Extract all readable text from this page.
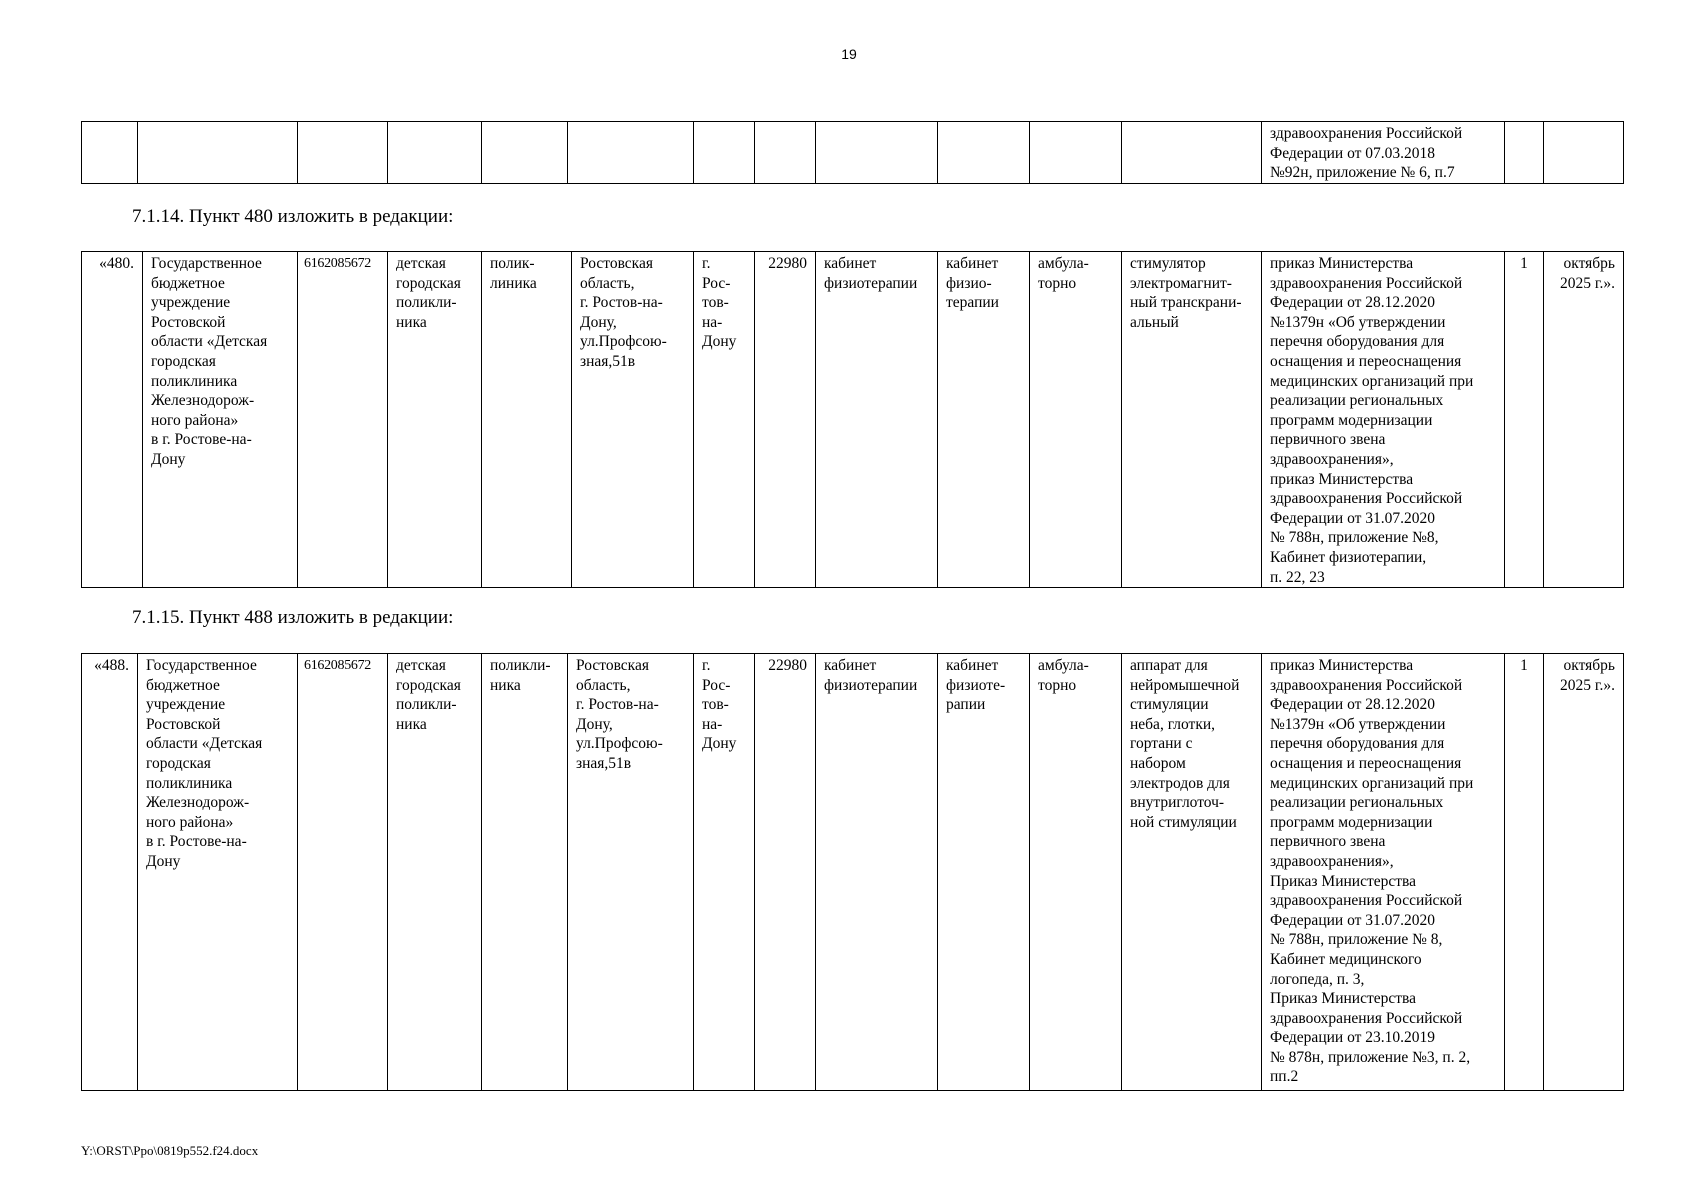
19
												здравоохранения Российской
Федерации от 07.03.2018
№92н, приложение № 6, п.7		
7.1.14. Пункт 480 изложить в редакции:
«480.	Государственное
бюджетное
учреждение
Ростовской
области «Детская
городская
поликлиника
Железнодорож-
ного района»
в г. Ростове-на-
Дону	6162085672	детская
городская
поликли-
ника	полик-
линика	Ростовская
область,
г. Ростов-на-
Дону,
ул.Профсою-
зная,51в	г.
Рос-
тов-
на-
Дону	22980	кабинет
физиотерапии	кабинет
физио-
терапии	амбула-
торно	стимулятор
электромагнит-
ный транскрани-
альный	приказ Министерства
здравоохранения Российской
Федерации от 28.12.2020
№1379н «Об утверждении
перечня оборудования для
оснащения и переоснащения
медицинских организаций при
реализации региональных
программ модернизации
первичного звена
здравоохранения»,
приказ Министерства
здравоохранения Российской
Федерации от 31.07.2020
№ 788н, приложение №8,
Кабинет физиотерапии,
п. 22, 23	1	октябрь
2025 г.».
7.1.15. Пункт 488 изложить в редакции:
«488.	Государственное
бюджетное
учреждение
Ростовской
области «Детская
городская
поликлиника
Железнодорож-
ного района»
в г. Ростове-на-
Дону	6162085672	детская
городская
поликли-
ника	поликли-
ника	Ростовская
область,
г. Ростов-на-
Дону,
ул.Профсою-
зная,51в	г.
Рос-
тов-
на-
Дону	22980	кабинет
физиотерапии	кабинет
физиоте-
рапии	амбула-
торно	аппарат для
нейромышечной
стимуляции
неба, глотки,
гортани с
набором
электродов для
внутриглоточ-
ной стимуляции	приказ Министерства
здравоохранения Российской
Федерации от 28.12.2020
№1379н «Об утверждении
перечня оборудования для
оснащения и переоснащения
медицинских организаций при
реализации региональных
программ модернизации
первичного звена
здравоохранения»,
Приказ Министерства
здравоохранения Российской
Федерации от 31.07.2020
№ 788н, приложение № 8,
Кабинет медицинского
логопеда, п. 3,
Приказ Министерства
здравоохранения Российской
Федерации от 23.10.2019
№ 878н, приложение №3, п. 2,
пп.2	1	октябрь
2025 г.».
Y:\ORST\Ppo\0819p552.f24.docx
